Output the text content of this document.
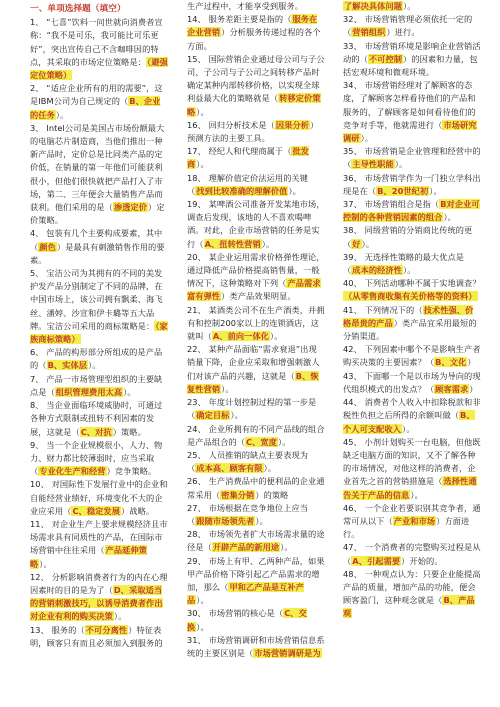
一、单项选择题（填空）

1、 “七喜”饮料一问世就向消费者宣称：“我不是可乐，我可能比可乐更好”，突出宣传自己不含咖啡因的特点，其采取的市场定位策略是：（避强定位策略）

2、 “适应企业所有的用的需要”，这是IBM公司为自己规定的（B、企业的任务）。

3、 Intel公司是美国占市场份额最大的电脑芯片制造商，当他们推出一种新产品时，定价总是比同类产品的定价低，在销量的第一年他们可能获利很小，但他们很快就把产品打入了市场，第二、三年便会大量销售产品而获利。他们采用的是（渗透定价）定价策略。

4、 包装有几个主要构成要素，其中（颜色）是最具有刺激销售作用的要素。

5、 宝洁公司为其拥有的不同的美发护发产品分别制定了不同的品牌，在中国市场上，该公司拥有飘柔、海飞丝、潘婷、沙宣和伊卡璐等五大品牌。宝洁公司采用的商标策略是：（家族商标策略）

6、 产品的构形部分所组成的是产品的（B、实体层）。

7、 产品一市场管理型组织的主要缺点是（组织管理费用太高）。

8、 当企业面临环境威胁时，可通过各种方式限制或扭转不利因素的发展，这就是（C、对抗）策略。

9、 当一个企业规模很小，人力、物力、财力都比较薄弱时，应当采取（专业化生产和经营）竞争策略。

10、 对国际性下发展行业中的企业和自能经营业绩好，环境变化不大的企业应采用（C、稳定发展）战略。

11、 对企业生产上要求规模经济且市场需求具有同质性的产品，在国际市场营销中往往采用（产品延伸策略）。

12、 分析影响消费者行为的内在心理因素时的目的是为了（D、采取适当的营销刺激技巧，以诱导消费者作出对企业有利的购买决策）。

13、 服务的（不可分离性）特征表明，顾客只有而且必须加入到服务的

生产过程中，才能享受到服务。

14、 服务差距主要是指的（服务在企业营销）分析服务传递过程的各个方面。

15、 国际营销企业通过母公司与子公司、子公司与子公司之间转移产品时确定某种内部转移价格，以实现全球利益最大化的策略就是（转移定价策略）。

16、 回归分析技术是（因果分析）预测方法的主要工具。

17、 经纪人和代理商属于（批发商）。

18、 理解价值定价法运用的关键（找到比较准确的理解价值）。

19、 某啤酒公司准备开发某地市场，调查后发现，该地的人不喜欢喝啤酒。对此，企业市场营销的任务是实行（A、扭转性营销）。

20、 某企业运用需求价格弹性理论，通过降低产品价格提高销售量，一般情况下，这种策略对下列（产品需求富有弹性）类产品效果明显。

21、 某酒类公司不在生产酒类，并拥有和控制200家以上的连锁酒店，这就叫（A、前向一体化）。

22、 某种产品面临“需求衰退”出现销量下降，企业应采取和增强刺激人们对该产品的兴趣，这就是（B、恢复性营销）。

23、 年度计划控制过程的第一步是（确定目标）。

24、 企业所拥有的不同产品线的组合是产品组合的（C、宽度）。

25、 人员推销的缺点主要表现为（成本高、顾客有限）。

26、 生产消费品中的便利品的企业通常采用（密集分销）的策略

27、 市场根据在竞争地位上应当（跟随市场领先者）。

28、 市场领先者扩大市场需求量的途径是（开辟产品的新用途）。

29、 市场上有甲、乙两种产品，如果甲产品价格下降引起乙产品需求的增加，那么（甲和乙产品是互补产品）。

30、 市场营销的核心是（C、交换）。

31、 市场营销调研和市场营销信息系统的主要区别是（市场营销调研是为

了解决具体问题）。

32、 市场营销管理必须依托一定的（营销组织）进行。

33、 市场营销环境是影响企业营销活动的（不可控制）的因素和力量，包括宏观环境和微观环境。

34、 市场营销经理对了解顾客的态度，了解顾客怎样看待他们的产品和服务的，了解顾客是如何看待他们的竞争对手等，他就需进行（市场研究调研）。

35、 市场营销是企业管理和经营中的（主导性职能）。

36、 市场营销学作为一门独立学科出现是在（B、20世纪初）。

37、 市场营销组合是指（B对企业可控制的各种营销因素的组合）。

38、 同级营销的分销商比传统的更（好）。

39、 无选择性策略的最大优点是（成本的经济性）。

40、 下列活动哪种不属于实地调查？（从零售商收集有关价格等的资料）

41、 下列情况下的（技术性强、价格昂贵的产品）类产品宜采用最短的分销渠道。

42、 下列因素中哪个不是影响生产者购买决策的主要因素？（B、文化）

43、 下面哪一个是以市场为导向的现代组织模式的出发点？（顾客需求）

44、 消费者个人收入中扣除税款和非税性负担之后所得的余额叫做（B、个人可支配收入）。

45、 小剂计划购买一台电脑，但他既缺乏电脑方面的知识，又不了解各种的市场情况，对他这样的消费者，企业首先之首的营销措施是（选择性通告关于产品的信息）。

46、 一个企业若要识别其竞争者，通常可从以下（产业和市场）方面进行。

47、 一个消费者的完整购买过程是从（A、引起需要）开始的。

48、 一种观点认为：只要企业能提高产品的质量，增加产品的功能，便会顾客盈门，这种观念就是（B、产品观
